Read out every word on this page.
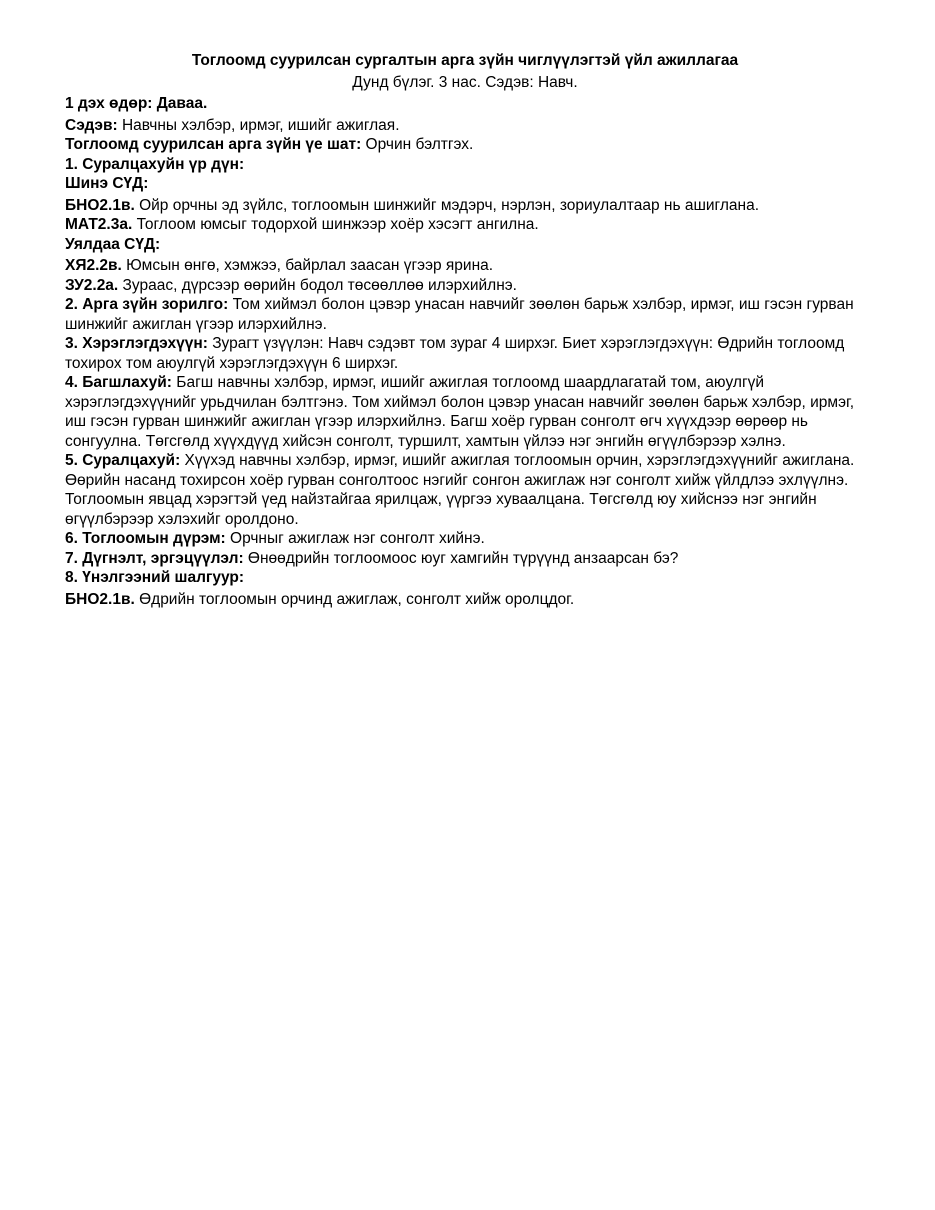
Тоглоомд суурилсан сургалтын арга зүйн чиглүүлэгтэй үйл ажиллагаа
Дунд бүлэг. 3 нас. Сэдэв: Навч.
1 дэх өдөр: Даваа.
Сэдэв: Навчны хэлбэр, ирмэг, ишийг ажиглая.
Тоглоомд суурилсан арга зүйн үе шат: Орчин бэлтгэх.
1. Суралцахуйн үр дүн:
Шинэ СҮД:
БНО2.1в. Ойр орчны эд зүйлс, тоглоомын шинжийг мэдэрч, нэрлэн, зориулалтаар нь ашиглана.
МАТ2.3а. Тоглоом юмсыг тодорхой шинжээр хоёр хэсэгт ангилна.
Уялдаа СҮД:
ХЯ2.2в. Юмсын өнгө, хэмжээ, байрлал заасан үгээр ярина.
ЗУ2.2а. Зураас, дүрсээр өөрийн бодол төсөөллөө илэрхийлнэ.
2. Арга зүйн зорилго: Том хиймэл болон цэвэр унасан навчийг зөөлөн барьж хэлбэр, ирмэг, иш гэсэн гурван шинжийг ажиглан үгээр илэрхийлнэ.
3. Хэрэглэгдэхүүн: Зурагт үзүүлэн: Навч сэдэвт том зураг 4 ширхэг. Биет хэрэглэгдэхүүн: Өдрийн тоглоомд тохирох том аюулгүй хэрэглэгдэхүүн 6 ширхэг.
4. Багшлахуй: Багш навчны хэлбэр, ирмэг, ишийг ажиглая тоглоомд шаардлагатай том, аюулгүй хэрэглэгдэхүүнийг урьдчилан бэлтгэнэ. Том хиймэл болон цэвэр унасан навчийг зөөлөн барьж хэлбэр, ирмэг, иш гэсэн гурван шинжийг ажиглан үгээр илэрхийлнэ. Багш хоёр гурван сонголт өгч хүүхдээр өөрөөр нь сонгуулна. Төгсгөлд хүүхдүүд хийсэн сонголт, туршилт, хамтын үйлээ нэг энгийн өгүүлбэрээр хэлнэ.
5. Суралцахуй: Хүүхэд навчны хэлбэр, ирмэг, ишийг ажиглая тоглоомын орчин, хэрэглэгдэхүүнийг ажиглана. Өөрийн насанд тохирсон хоёр гурван сонголтоос нэгийг сонгон ажиглаж нэг сонголт хийж үйлдлээ эхлүүлнэ. Тоглоомын явцад хэрэгтэй үед найзтайгаа ярилцаж, үүргээ хуваалцана. Төгсгөлд юу хийснээ нэг энгийн өгүүлбэрээр хэлэхийг оролдоно.
6. Тоглоомын дүрэм: Орчныг ажиглаж нэг сонголт хийнэ.
7. Дүгнэлт, эргэцүүлэл: Өнөөдрийн тоглоомоос юуг хамгийн түрүүнд анзаарсан бэ?
8. Үнэлгээний шалгуур:
БНО2.1в. Өдрийн тоглоомын орчинд ажиглаж, сонголт хийж оролцдог.
